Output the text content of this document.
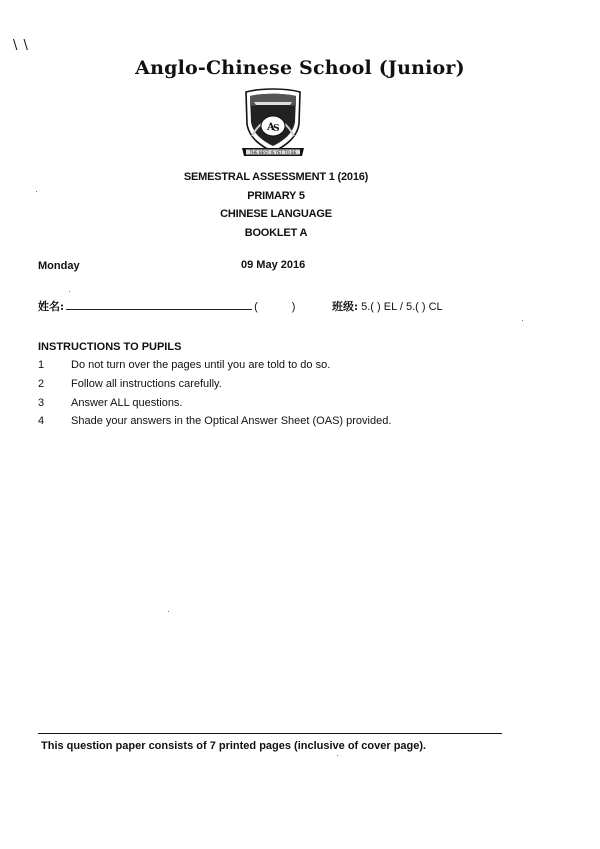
\ \
Anglo-Chinese School (Junior)
A
S
THE BEST IS YET TO BE
SEMESTRAL ASSESSMENT 1 (2016)
PRIMARY 5
CHINESE LANGUAGE
BOOKLET A
Monday	09 May 2016
姓名:	(	)	班级: 5.( ) EL / 5.( ) CL
INSTRUCTIONS TO PUPILS
1 Do not turn over the pages until you are told to do so.
2 Follow all instructions carefully.
3 Answer ALL questions.
4 Shade your answers in the Optical Answer Sheet (OAS) provided.
This question paper consists of 7 printed pages (inclusive of cover page).
